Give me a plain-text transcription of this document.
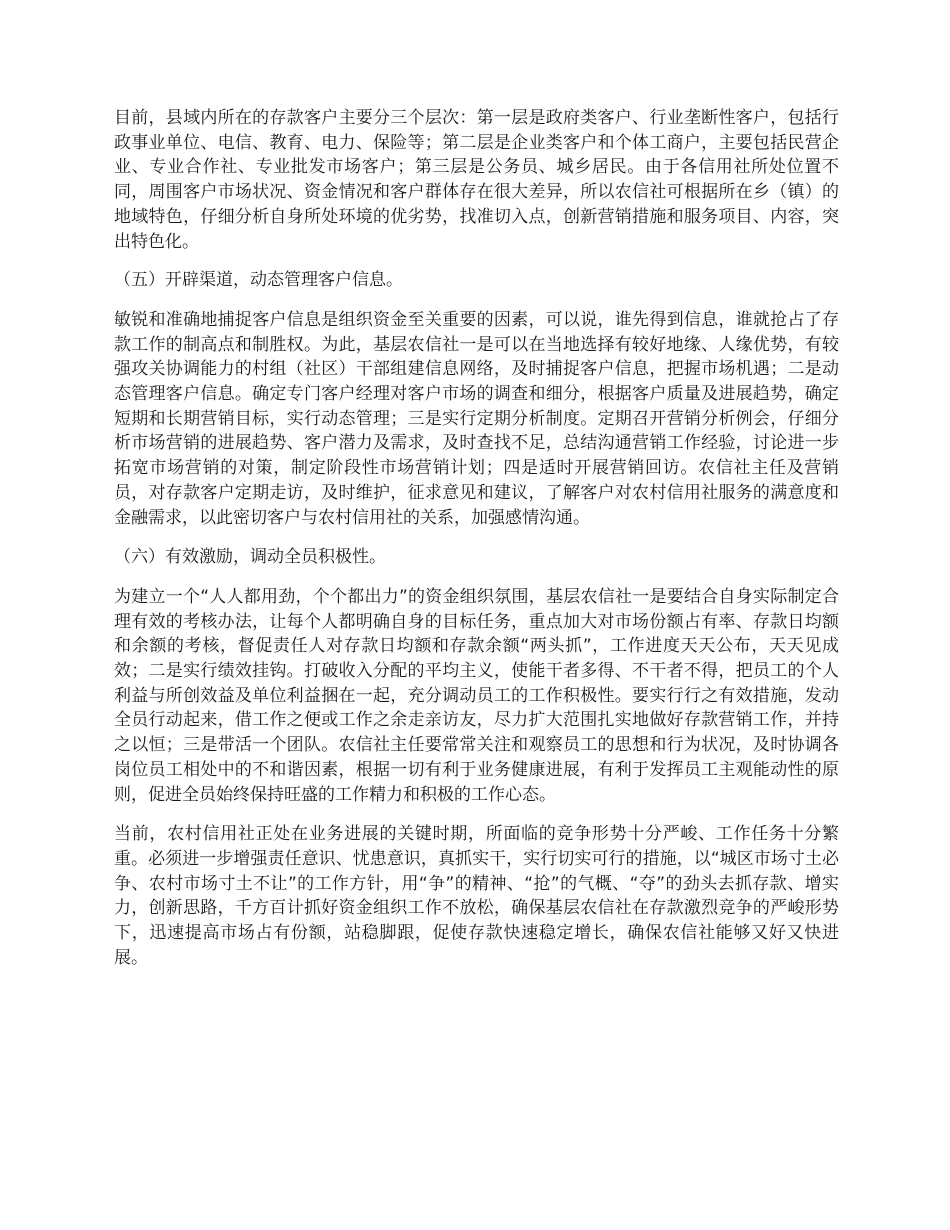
目前，县域内所在的存款客户主要分三个层次：第一层是政府类客户、行业垄断性客户，包括行政事业单位、电信、教育、电力、保险等；第二层是企业类客户和个体工商户，主要包括民营企业、专业合作社、专业批发市场客户；第三层是公务员、城乡居民。由于各信用社所处位置不同，周围客户市场状况、资金情况和客户群体存在很大差异，所以农信社可根据所在乡（镇）的地域特色，仔细分析自身所处环境的优劣势，找准切入点，创新营销措施和服务项目、内容，突出特色化。

（五）开辟渠道，动态管理客户信息。

敏锐和准确地捕捉客户信息是组织资金至关重要的因素，可以说，谁先得到信息，谁就抢占了存款工作的制高点和制胜权。为此，基层农信社一是可以在当地选择有较好地缘、人缘优势，有较强攻关协调能力的村组（社区）干部组建信息网络，及时捕捉客户信息，把握市场机遇；二是动态管理客户信息。确定专门客户经理对客户市场的调查和细分，根据客户质量及进展趋势，确定短期和长期营销目标，实行动态管理；三是实行定期分析制度。定期召开营销分析例会，仔细分析市场营销的进展趋势、客户潜力及需求，及时查找不足，总结沟通营销工作经验，讨论进一步拓宽市场营销的对策，制定阶段性市场营销计划；四是适时开展营销回访。农信社主任及营销员，对存款客户定期走访，及时维护，征求意见和建议，了解客户对农村信用社服务的满意度和金融需求，以此密切客户与农村信用社的关系，加强感情沟通。

（六）有效激励，调动全员积极性。

为建立一个“人人都用劲，个个都出力”的资金组织氛围，基层农信社一是要结合自身实际制定合理有效的考核办法，让每个人都明确自身的目标任务，重点加大对市场份额占有率、存款日均额和余额的考核，督促责任人对存款日均额和存款余额“两头抓”，工作进度天天公布，天天见成效；二是实行绩效挂钩。打破收入分配的平均主义，使能干者多得、不干者不得，把员工的个人利益与所创效益及单位利益捆在一起，充分调动员工的工作积极性。要实行行之有效措施，发动全员行动起来，借工作之便或工作之余走亲访友，尽力扩大范围扎实地做好存款营销工作，并持之以恒；三是带活一个团队。农信社主任要常常关注和观察员工的思想和行为状况，及时协调各岗位员工相处中的不和谐因素，根据一切有利于业务健康进展，有利于发挥员工主观能动性的原则，促进全员始终保持旺盛的工作精力和积极的工作心态。

当前，农村信用社正处在业务进展的关键时期，所面临的竞争形势十分严峻、工作任务十分繁重。必须进一步增强责任意识、忧患意识，真抓实干，实行切实可行的措施，以“城区市场寸土必争、农村市场寸土不让”的工作方针，用“争”的精神、“抢”的气概、“夺”的劲头去抓存款、增实力，创新思路，千方百计抓好资金组织工作不放松，确保基层农信社在存款激烈竞争的严峻形势下，迅速提高市场占有份额，站稳脚跟，促使存款快速稳定增长，确保农信社能够又好又快进展。
